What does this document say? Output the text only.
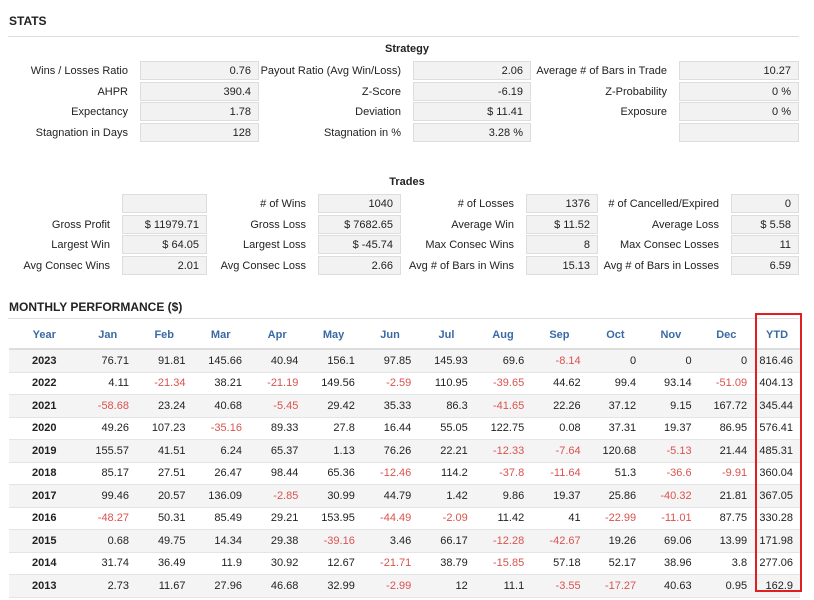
STATS
Strategy
Wins / Losses Ratio	0.76 Payout Ratio (Avg Win/Loss)	2.06	Average # of Bars in Trade	10.27
AHPR	390.4	Z-Score	-6.19	Z-Probability	0 %
Expectancy	1.78	Deviation	$ 11.41	Exposure	0 %
Stagnation in Days	128	Stagnation in %	3.28 %
Trades
# of Wins	1040	# of Losses	1376	# of Cancelled/Expired	0
Gross Profit	$ 11979.71	Gross Loss	$ 7682.65	Average Win	$ 11.52	Average Loss	$ 5.58
Largest Win	$ 64.05	Largest Loss	$ -45.74	Max Consec Wins	8	Max Consec Losses	11
Avg Consec Wins	2.01	Avg Consec Loss	2.66	Avg # of Bars in Wins	15.13	Avg # of Bars in Losses	6.59
MONTHLY PERFORMANCE ($)
Year	Jan	Feb	Mar	Apr	May	Jun	Jul	Aug	Sep	Oct	Nov	Dec	YTD
2023	76.71	91.81	145.66	40.94	156.1	97.85	145.93	69.6	-8.14	0	0	0	816.46
2022	4.11	-21.34	38.21	-21.19	149.56	-2.59	110.95	-39.65	44.62	99.4	93.14	-51.09	404.13
2021	-58.68	23.24	40.68	-5.45	29.42	35.33	86.3	-41.65	22.26	37.12	9.15	167.72	345.44
2020	49.26	107.23	-35.16	89.33	27.8	16.44	55.05	122.75	0.08	37.31	19.37	86.95	576.41
2019	155.57	41.51	6.24	65.37	1.13	76.26	22.21	-12.33	-7.64	120.68	-5.13	21.44	485.31
2018	85.17	27.51	26.47	98.44	65.36	-12.46	114.2	-37.8	-11.64	51.3	-36.6	-9.91	360.04
2017	99.46	20.57	136.09	-2.85	30.99	44.79	1.42	9.86	19.37	25.86	-40.32	21.81	367.05
2016	-48.27	50.31	85.49	29.21	153.95	-44.49	-2.09	11.42	41	-22.99	-11.01	87.75	330.28
2015	0.68	49.75	14.34	29.38	-39.16	3.46	66.17	-12.28	-42.67	19.26	69.06	13.99	171.98
2014	31.74	36.49	11.9	30.92	12.67	-21.71	38.79	-15.85	57.18	52.17	38.96	3.8	277.06
2013	2.73	11.67	27.96	46.68	32.99	-2.99	12	11.1	-3.55	-17.27	40.63	0.95	162.9
